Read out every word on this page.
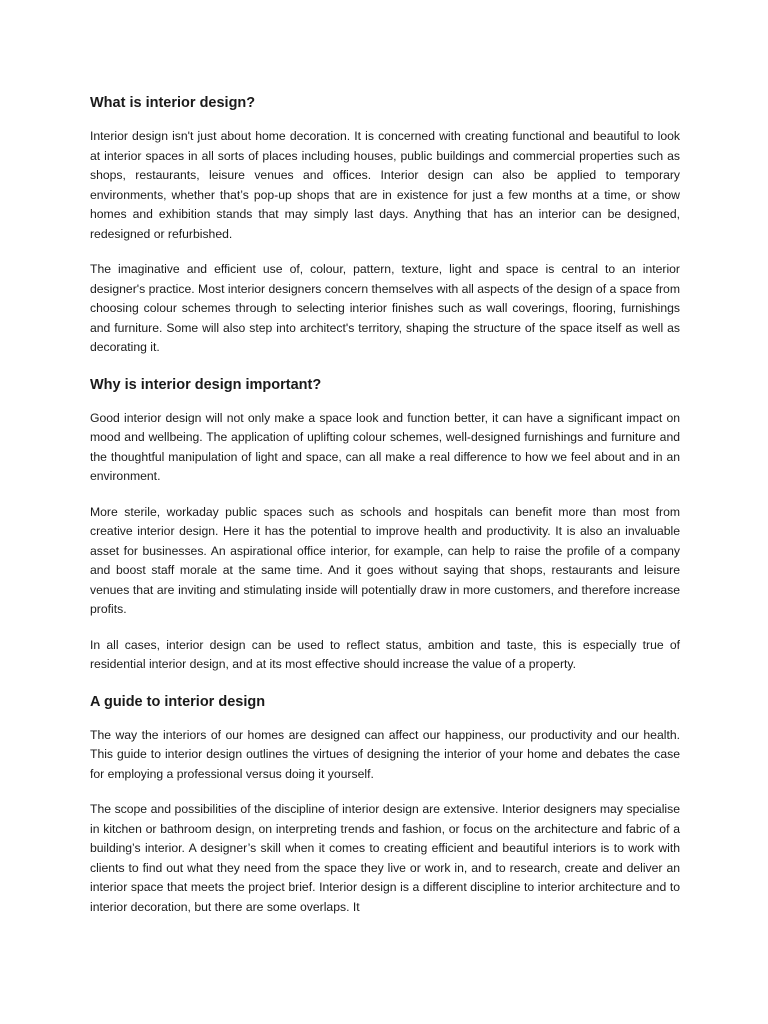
What is interior design?

Interior design isn't just about home decoration. It is concerned with creating functional and beautiful to look at interior spaces in all sorts of places including houses, public buildings and commercial properties such as shops, restaurants, leisure venues and offices. Interior design can also be applied to temporary environments, whether that’s pop-up shops that are in existence for just a few months at a time, or show homes and exhibition stands that may simply last days. Anything that has an interior can be designed, redesigned or refurbished.

The imaginative and efficient use of, colour, pattern, texture, light and space is central to an interior designer's practice. Most interior designers concern themselves with all aspects of the design of a space from choosing colour schemes through to selecting interior finishes such as wall coverings, flooring, furnishings and furniture. Some will also step into architect's territory, shaping the structure of the space itself as well as decorating it.

Why is interior design important?

Good interior design will not only make a space look and function better, it can have a significant impact on mood and wellbeing. The application of uplifting colour schemes, well-designed furnishings and furniture and the thoughtful manipulation of light and space, can all make a real difference to how we feel about and in an environment.

More sterile, workaday public spaces such as schools and hospitals can benefit more than most from creative interior design. Here it has the potential to improve health and productivity. It is also an invaluable asset for businesses. An aspirational office interior, for example, can help to raise the profile of a company and boost staff morale at the same time. And it goes without saying that shops, restaurants and leisure venues that are inviting and stimulating inside will potentially draw in more customers, and therefore increase profits.

In all cases, interior design can be used to reflect status, ambition and taste, this is especially true of residential interior design, and at its most effective should increase the value of a property.

A guide to interior design

The way the interiors of our homes are designed can affect our happiness, our productivity and our health. This guide to interior design outlines the virtues of designing the interior of your home and debates the case for employing a professional versus doing it yourself.

The scope and possibilities of the discipline of interior design are extensive. Interior designers may specialise in kitchen or bathroom design, on interpreting trends and fashion, or focus on the architecture and fabric of a building’s interior. A designer’s skill when it comes to creating efficient and beautiful interiors is to work with clients to find out what they need from the space they live or work in, and to research, create and deliver an interior space that meets the project brief. Interior design is a different discipline to interior architecture and to interior decoration, but there are some overlaps. It
